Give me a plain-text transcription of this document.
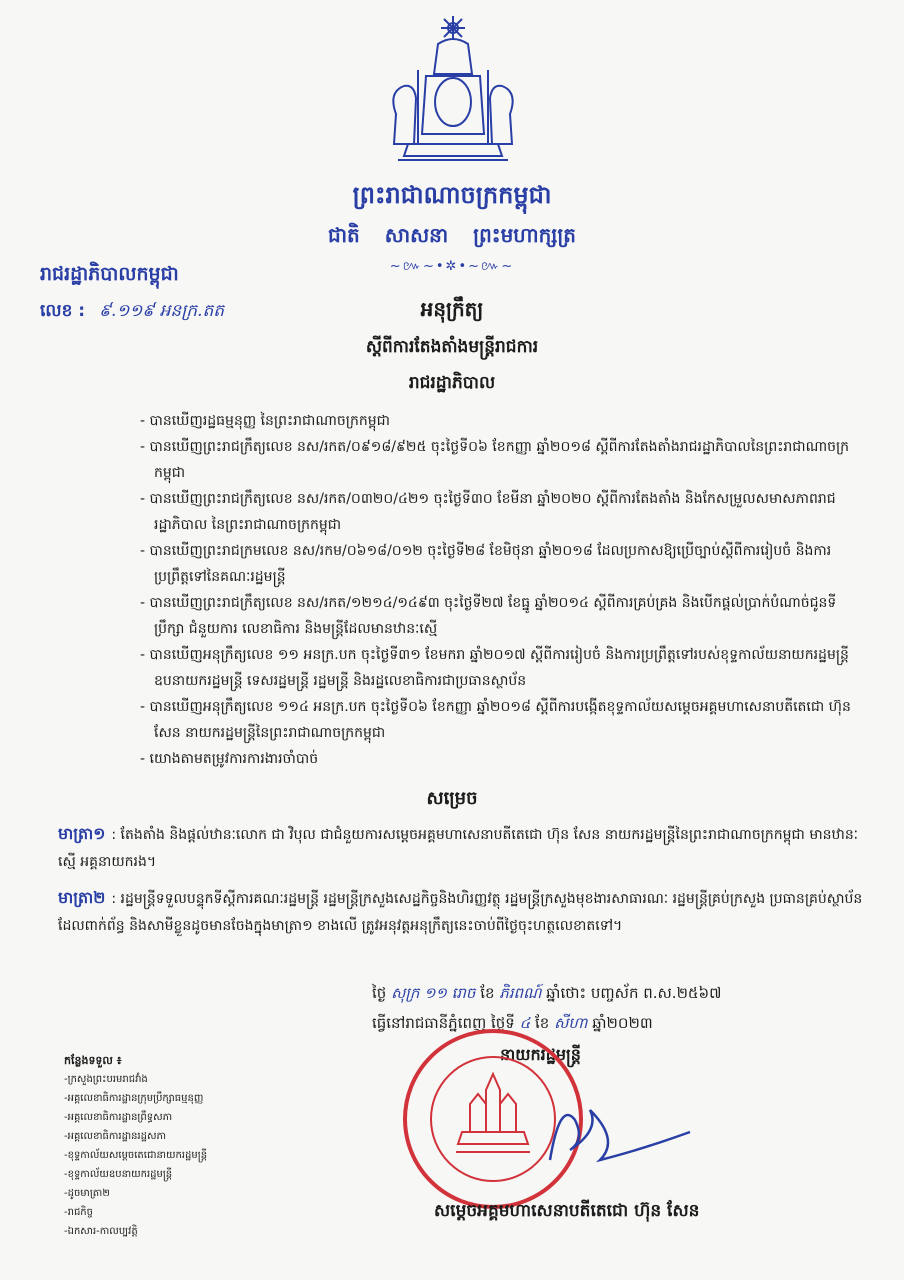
ព្រះរាជាណាចក្រកម្ពុជា
ជាតិ សាសនា ព្រះមហាក្សត្រ
~៚~•✲•~៚~
រាជរដ្ឋាភិបាលកម្ពុជា
លេខ : ៩.១១៩ អនក្រ.តត	អនុក្រឹត្យ
ស្តីពីការតែងតាំងមន្ត្រីរាជការ
រាជរដ្ឋាភិបាល
- បានឃើញរដ្ឋធម្មនុញ្ញ នៃព្រះរាជាណាចក្រកម្ពុជា
- បានឃើញព្រះរាជក្រឹត្យលេខ នស/រកត/០៩១៨/៩២៥ ចុះថ្ងៃទី០៦ ខែកញ្ញា ឆ្នាំ២០១៨ ស្តីពីការតែងតាំងរាជរដ្ឋាភិបាលនៃព្រះរាជាណាចក្រកម្ពុជា
- បានឃើញព្រះរាជក្រឹត្យលេខ នស/រកត/០៣២០/៤២១ ចុះថ្ងៃទី៣០ ខែមីនា ឆ្នាំ២០២០ ស្តីពីការតែងតាំង និងកែសម្រួលសមាសភាពរាជរដ្ឋាភិបាល នៃព្រះរាជាណាចក្រកម្ពុជា
- បានឃើញព្រះរាជក្រមលេខ នស/រកម/០៦១៨/០១២ ចុះថ្ងៃទី២៨ ខែមិថុនា ឆ្នាំ២០១៨ ដែលប្រកាសឱ្យប្រើច្បាប់ស្តីពីការរៀបចំ និងការប្រព្រឹត្តទៅនៃគណៈរដ្ឋមន្ត្រី
- បានឃើញព្រះរាជក្រឹត្យលេខ នស/រកត/១២១៤/១៤៩៣ ចុះថ្ងៃទី២៧ ខែធ្នូ ឆ្នាំ២០១៤ ស្តីពីការគ្រប់គ្រង និងបើកផ្តល់ប្រាក់បំណាច់ជូនទីប្រឹក្សា ជំនួយការ លេខាធិការ និងមន្ត្រីដែលមានឋានៈស្មើ
- បានឃើញអនុក្រឹត្យលេខ ១១ អនក្រ.បក ចុះថ្ងៃទី៣១ ខែមករា ឆ្នាំ២០១៧ ស្តីពីការរៀបចំ និងការប្រព្រឹត្តទៅរបស់ខុទ្ទកាល័យនាយករដ្ឋមន្ត្រី ឧបនាយករដ្ឋមន្ត្រី ទេសរដ្ឋមន្ត្រី រដ្ឋមន្ត្រី និងរដ្ឋលេខាធិការជាប្រធានស្ថាប័ន
- បានឃើញអនុក្រឹត្យលេខ ១១៤ អនក្រ.បក ចុះថ្ងៃទី០៦ ខែកញ្ញា ឆ្នាំ២០១៨ ស្តីពីការបង្កើតខុទ្ទកាល័យសម្តេចអគ្គមហាសេនាបតីតេជោ ហ៊ុន សែន នាយករដ្ឋមន្ត្រីនៃព្រះរាជាណាចក្រកម្ពុជា
- យោងតាមតម្រូវការការងារចាំបាច់
សម្រេច
មាត្រា១ : តែងតាំង និងផ្តល់ឋានៈលោក ជា វិបុល ជាជំនួយការសម្តេចអគ្គមហាសេនាបតីតេជោ ហ៊ុន សែន នាយករដ្ឋមន្ត្រីនៃព្រះរាជាណាចក្រកម្ពុជា មានឋានៈស្មើ អគ្គនាយករង។
មាត្រា២ : រដ្ឋមន្ត្រីទទួលបន្ទុកទីស្តីការគណៈរដ្ឋមន្ត្រី រដ្ឋមន្ត្រីក្រសួងសេដ្ឋកិច្ចនិងហិរញ្ញវត្ថុ រដ្ឋមន្ត្រីក្រសួងមុខងារសាធារណៈ រដ្ឋមន្ត្រីគ្រប់ក្រសួង ប្រធានគ្រប់ស្ថាប័នដែលពាក់ព័ន្ធ និងសាមីខ្លួនដូចមានចែងក្នុងមាត្រា១ ខាងលើ ត្រូវអនុវត្តអនុក្រឹត្យនេះចាប់ពីថ្ងៃចុះហត្ថលេខាតទៅ។
ថ្ងៃ សុក្រ ១១ រោច ខែ ភិរពណ៍ ឆ្នាំថោះ បញ្ចស័ក ព.ស.២៥៦៧
ធ្វើនៅរាជធានីភ្នំពេញ ថ្ងៃទី ៤ ខែ សីហា ឆ្នាំ២០២៣
នាយករដ្ឋមន្ត្រី
កន្លែងទទួល ៖
-ក្រសួងព្រះបរមរាជវាំង
-អគ្គលេខាធិការដ្ឋានក្រុមប្រឹក្សាធម្មនុញ្ញ
-អគ្គលេខាធិការដ្ឋានព្រឹទ្ធសភា
-អគ្គលេខាធិការដ្ឋានរដ្ឋសភា
-ខុទ្ទកាល័យសម្តេចតេជោនាយករដ្ឋមន្ត្រី
-ខុទ្ទកាល័យឧបនាយករដ្ឋមន្ត្រី
-ដូចមាត្រា២
-រាជកិច្ច
-ឯកសារ-កាលប្បវត្តិ
សម្តេចអគ្គមហាសេនាបតីតេជោ ហ៊ុន សែន
